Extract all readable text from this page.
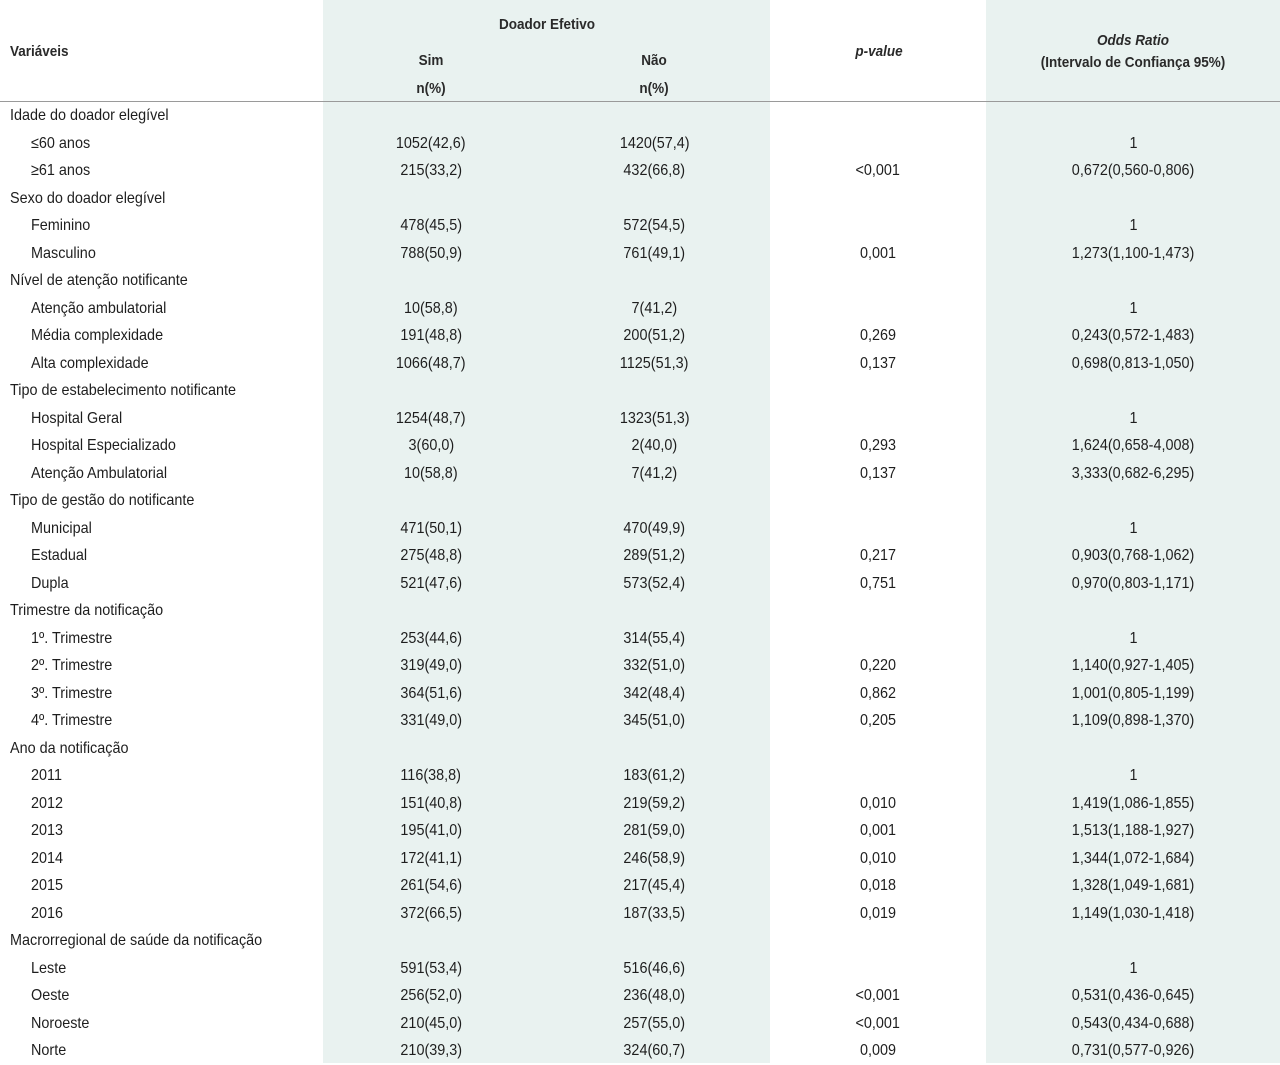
Variáveis
Doador Efetivo
Sim	Não
n(%)	n(%)
p-value
Odds Ratio
(Intervalo de Confiança 95%)
Idade do doador elegível				
≤60 anos	1052(42,6)	1420(57,4)		1
≥61 anos	215(33,2)	432(66,8)	<0,001	0,672(0,560-0,806)
Sexo do doador elegível				
Feminino	478(45,5)	572(54,5)		1
Masculino	788(50,9)	761(49,1)	0,001	1,273(1,100-1,473)
Nível de atenção notificante				
Atenção ambulatorial	10(58,8)	7(41,2)		1
Média complexidade	191(48,8)	200(51,2)	0,269	0,243(0,572-1,483)
Alta complexidade	1066(48,7)	1125(51,3)	0,137	0,698(0,813-1,050)
Tipo de estabelecimento notificante				
Hospital Geral	1254(48,7)	1323(51,3)		1
Hospital Especializado	3(60,0)	2(40,0)	0,293	1,624(0,658-4,008)
Atenção Ambulatorial	10(58,8)	7(41,2)	0,137	3,333(0,682-6,295)
Tipo de gestão do notificante				
Municipal	471(50,1)	470(49,9)		1
Estadual	275(48,8)	289(51,2)	0,217	0,903(0,768-1,062)
Dupla	521(47,6)	573(52,4)	0,751	0,970(0,803-1,171)
Trimestre da notificação				
1º. Trimestre	253(44,6)	314(55,4)		1
2º. Trimestre	319(49,0)	332(51,0)	0,220	1,140(0,927-1,405)
3º. Trimestre	364(51,6)	342(48,4)	0,862	1,001(0,805-1,199)
4º. Trimestre	331(49,0)	345(51,0)	0,205	1,109(0,898-1,370)
Ano da notificação				
2011	116(38,8)	183(61,2)		1
2012	151(40,8)	219(59,2)	0,010	1,419(1,086-1,855)
2013	195(41,0)	281(59,0)	0,001	1,513(1,188-1,927)
2014	172(41,1)	246(58,9)	0,010	1,344(1,072-1,684)
2015	261(54,6)	217(45,4)	0,018	1,328(1,049-1,681)
2016	372(66,5)	187(33,5)	0,019	1,149(1,030-1,418)
Macrorregional de saúde da notificação				
Leste	591(53,4)	516(46,6)		1
Oeste	256(52,0)	236(48,0)	<0,001	0,531(0,436-0,645)
Noroeste	210(45,0)	257(55,0)	<0,001	0,543(0,434-0,688)
Norte	210(39,3)	324(60,7)	0,009	0,731(0,577-0,926)
